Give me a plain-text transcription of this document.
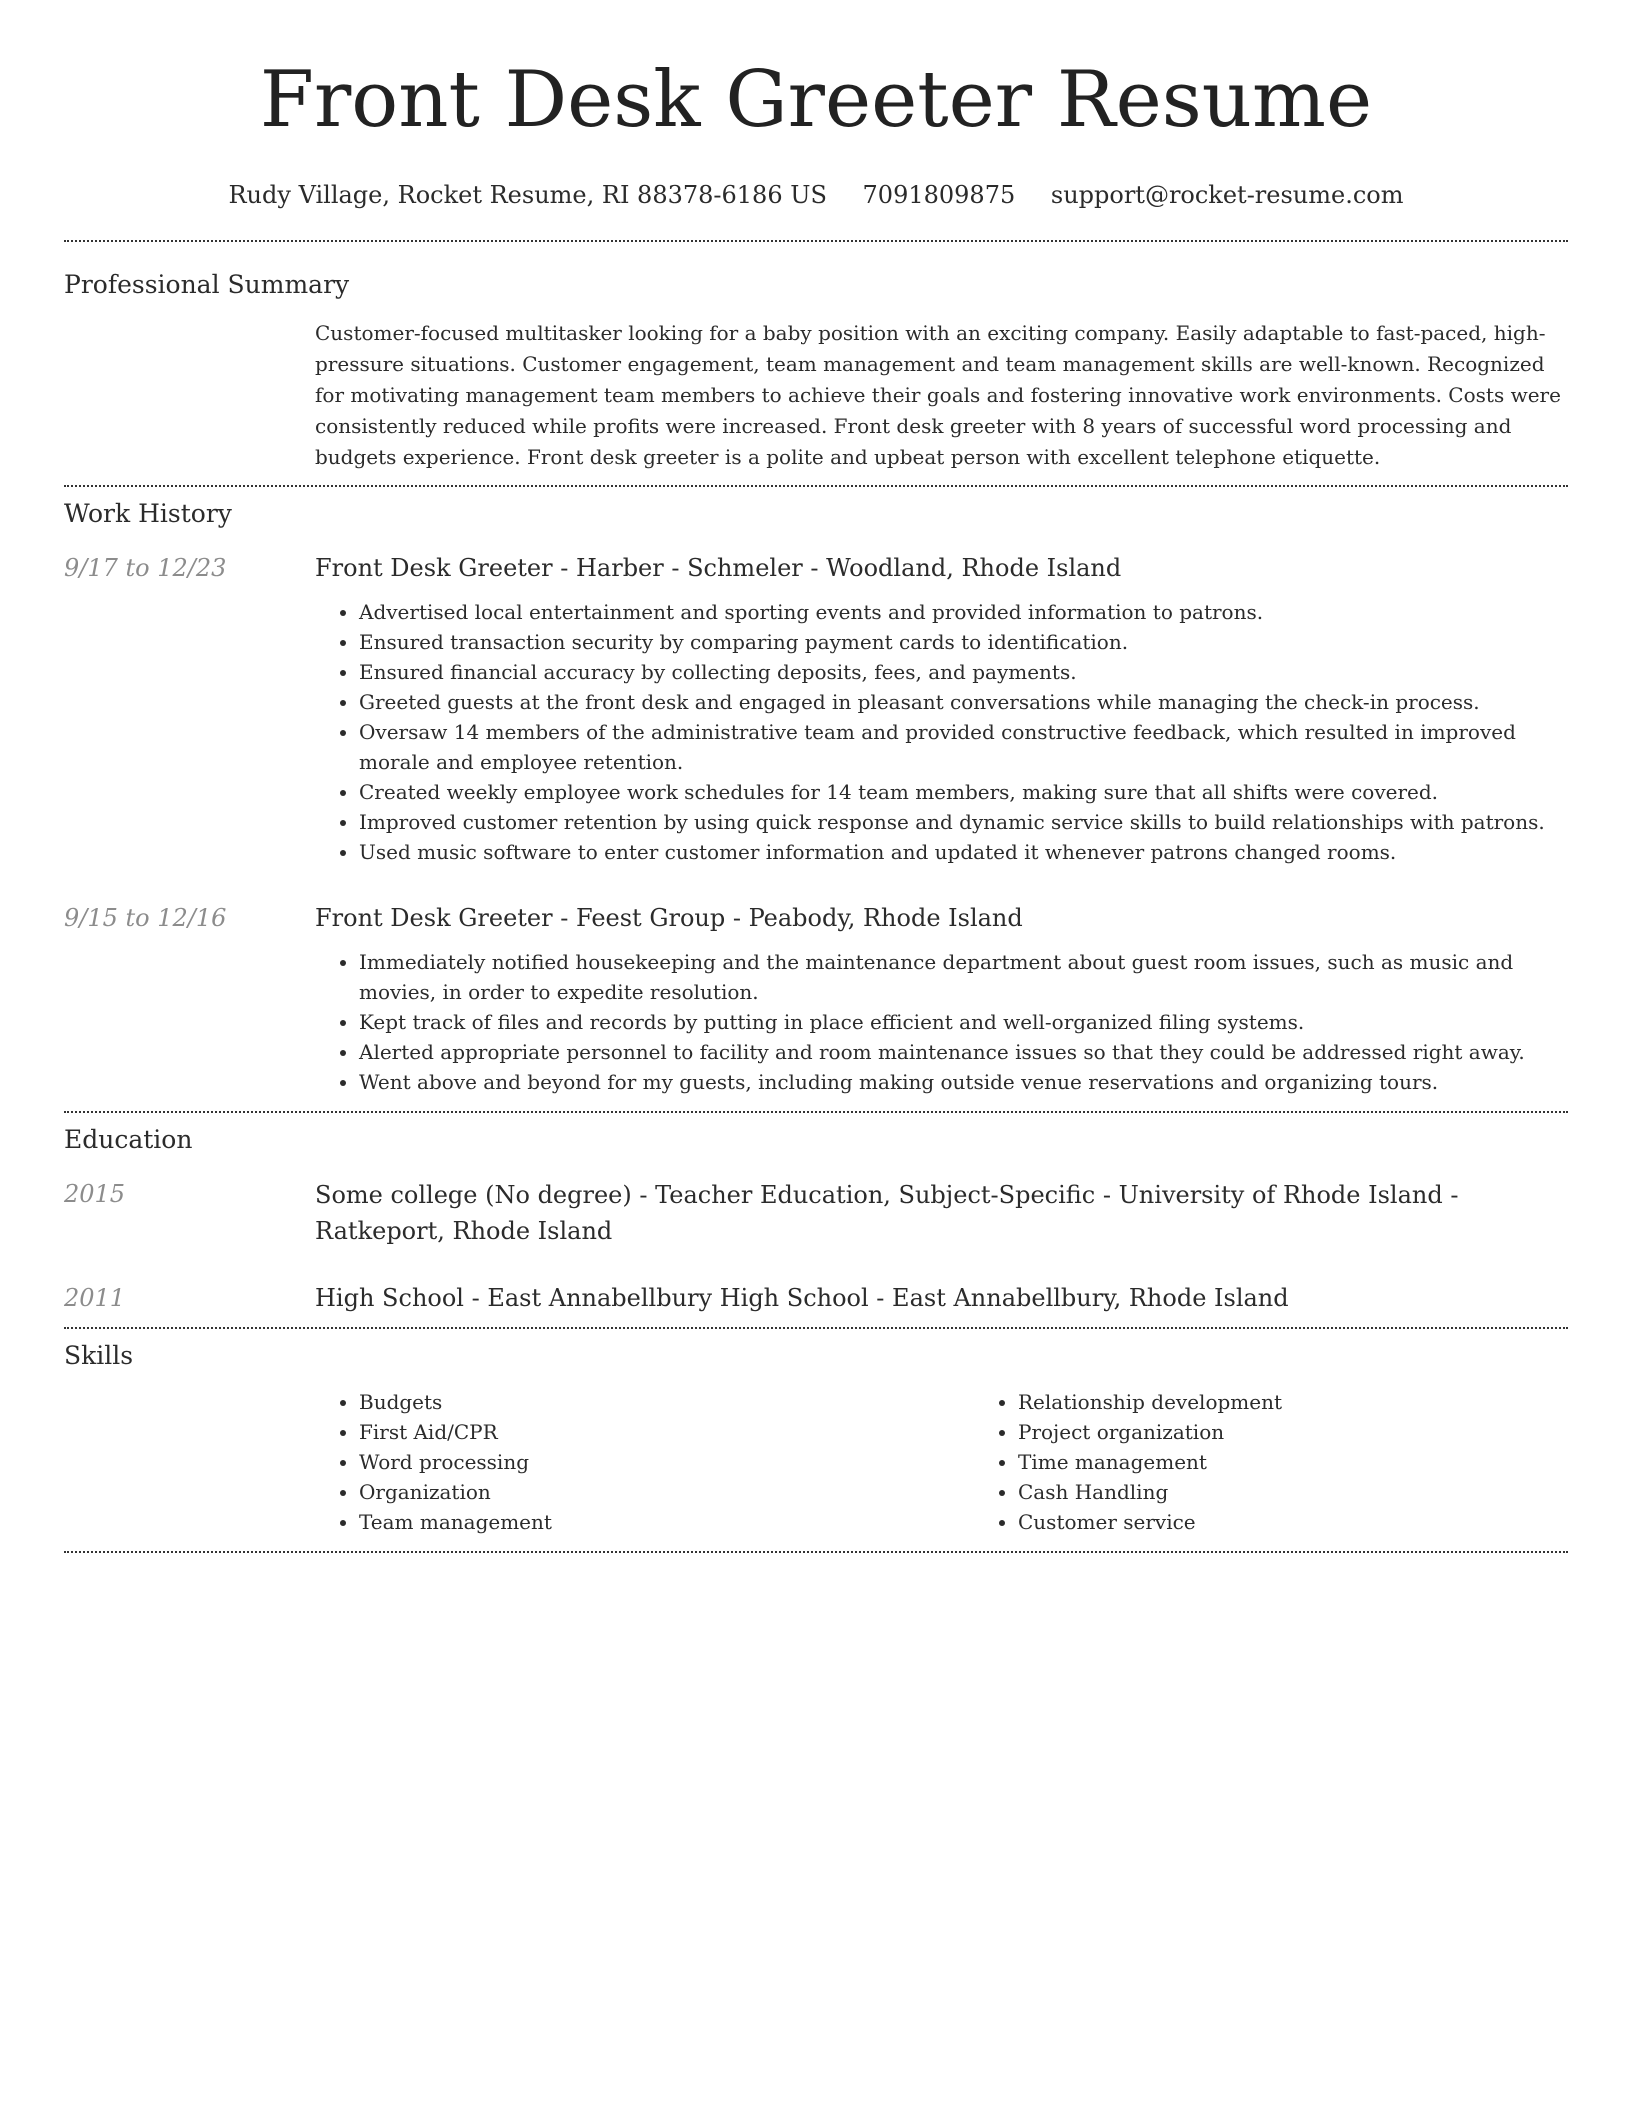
Front Desk Greeter Resume
Rudy Village, Rocket Resume, RI 88378-6186 US 7091809875 support@rocket-resume.com
Professional Summary
Customer-focused multitasker looking for a baby position with an exciting company. Easily adaptable to fast-paced, high-pressure situations. Customer engagement, team management and team management skills are well-known. Recognized for motivating management team members to achieve their goals and fostering innovative work environments. Costs were consistently reduced while profits were increased. Front desk greeter with 8 years of successful word processing and budgets experience. Front desk greeter is a polite and upbeat person with excellent telephone etiquette.
Work History
9/17 to 12/23	Front Desk Greeter - Harber - Schmeler - Woodland, Rhode Island
• Advertised local entertainment and sporting events and provided information to patrons.
• Ensured transaction security by comparing payment cards to identification.
• Ensured financial accuracy by collecting deposits, fees, and payments.
• Greeted guests at the front desk and engaged in pleasant conversations while managing the check-in process.
• Oversaw 14 members of the administrative team and provided constructive feedback, which resulted in improved morale and employee retention.
• Created weekly employee work schedules for 14 team members, making sure that all shifts were covered.
• Improved customer retention by using quick response and dynamic service skills to build relationships with patrons.
• Used music software to enter customer information and updated it whenever patrons changed rooms.
9/15 to 12/16	Front Desk Greeter - Feest Group - Peabody, Rhode Island
• Immediately notified housekeeping and the maintenance department about guest room issues, such as music and movies, in order to expedite resolution.
• Kept track of files and records by putting in place efficient and well-organized filing systems.
• Alerted appropriate personnel to facility and room maintenance issues so that they could be addressed right away.
• Went above and beyond for my guests, including making outside venue reservations and organizing tours.
Education
2015	Some college (No degree) - Teacher Education, Subject-Specific - University of Rhode Island - Ratkeport, Rhode Island
2011	High School - East Annabellbury High School - East Annabellbury, Rhode Island
Skills
• Budgets
• First Aid/CPR
• Word processing
• Organization
• Team management
• Relationship development
• Project organization
• Time management
• Cash Handling
• Customer service
